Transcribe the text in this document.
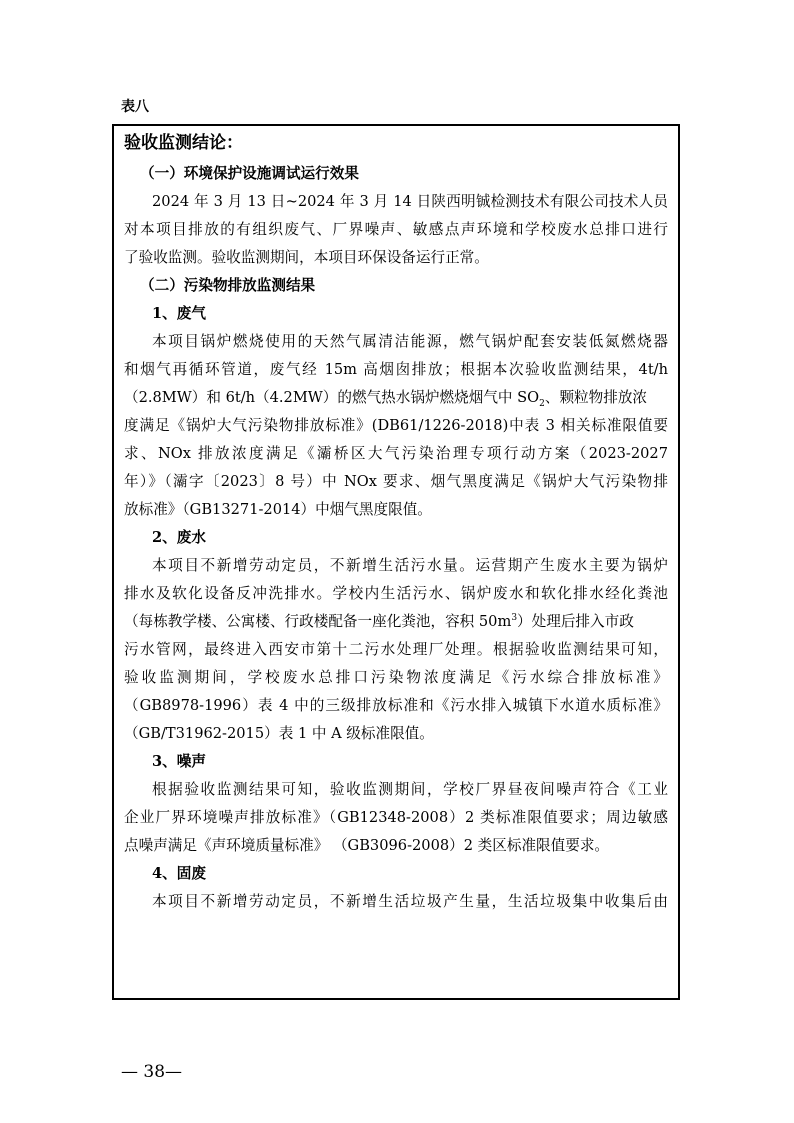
表八
验收监测结论：
（一）环境保护设施调试运行效果
2024 年 3 月 13 日~2024 年 3 月 14 日陕西明铖检测技术有限公司技术人员
对本项目排放的有组织废气、厂界噪声、敏感点声环境和学校废水总排口进行
了验收监测。验收监测期间，本项目环保设备运行正常。
（二）污染物排放监测结果
1、废气
本项目锅炉燃烧使用的天然气属清洁能源，燃气锅炉配套安装低氮燃烧器
和烟气再循环管道，废气经 15m 高烟囱排放；根据本次验收监测结果，4t/h
（2.8MW）和 6t/h（4.2MW）的燃气热水锅炉燃烧烟气中 $SO_2$、颗粒物排放浓
度满足《锅炉大气污染物排放标准》(DB61/1226-2018)中表 3 相关标准限值要
求、NOx 排放浓度满足《灞桥区大气污染治理专项行动方案（2023-2027
年）》（灞字〔2023〕8 号）中 NOx 要求、烟气黑度满足《锅炉大气污染物排
放标准》（GB13271-2014）中烟气黑度限值。
2、废水
本项目不新增劳动定员，不新增生活污水量。运营期产生废水主要为锅炉
排水及软化设备反冲洗排水。学校内生活污水、锅炉废水和软化排水经化粪池
（每栋教学楼、公寓楼、行政楼配备一座化粪池，容积 $50m^3$）处理后排入市政
污水管网，最终进入西安市第十二污水处理厂处理。根据验收监测结果可知，
验收监测期间，学校废水总排口污染物浓度满足《污水综合排放标准》
（GB8978-1996）表 4 中的三级排放标准和《污水排入城镇下水道水质标准》
（GB/T31962-2015）表 1 中 A 级标准限值。
3、噪声
根据验收监测结果可知，验收监测期间，学校厂界昼夜间噪声符合《工业
企业厂界环境噪声排放标准》（GB12348-2008）2 类标准限值要求；周边敏感
点噪声满足《声环境质量标准》 （GB3096-2008）2 类区标准限值要求。
4、固废
本项目不新增劳动定员，不新增生活垃圾产生量，生活垃圾集中收集后由
— 38—
